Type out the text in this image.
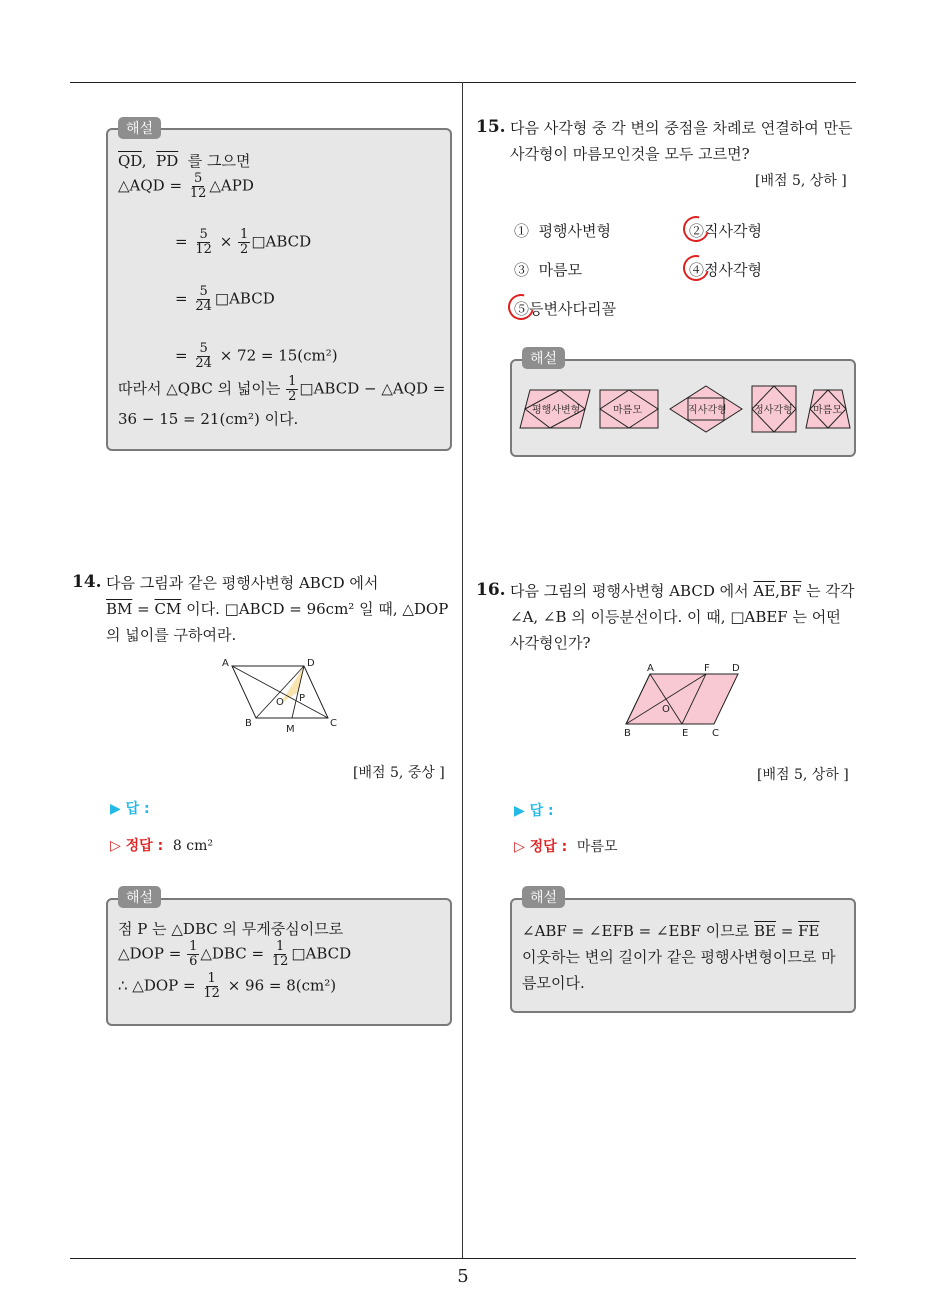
5
해설
$\overline{QD}$,  $\overline{PD}$ 를 그으면
△AQD = $\frac{5}{12}$ △APD
= $\frac{5}{12} \times \frac{1}{2}$ □ABCD
= $\frac{5}{24}$ □ABCD
= $\frac{5}{24} \times 72 = 15(cm^2)$
따라서 △QBC 의 넓이는 $\frac{1}{2}$ □ABCD − △AQD =
36 − 15 = 21(cm²) 이다.
14. 다음 그림과 같은 평행사변형 ABCD 에서
$\overline{BM} = \overline{CM}$ 이다. □ABCD = 96cm² 일 때, △DOP
의 넓이를 구하여라.
A	D
B	C
O P
M
[배점 5, 중상 ]
▶ 답 :
▷ 정답 : 8 cm²
해설
점 P 는 △DBC 의 무게중심이므로
△DOP = $\frac{1}{6}$ △DBC = $\frac{1}{12}$ □ABCD
∴ △DOP = $\frac{1}{12} \times 96 = 8(cm^2)$
15. 다음 사각형 중 각 변의 중점을 차례로 연결하여 만든
사각형이 마름모인것을 모두 고르면?
[배점 5, 상하 ]
① 평행사변형	②직사각형
③ 마름모	④정사각형
⑤등변사다리꼴
해설
평행사변형	마름모	직사각형	정사각형 마름모
16. 다음 그림의 평행사변형 ABCD 에서 $\overline{AE},\overline{BF}$ 는 각각
∠A, ∠B 의 이등분선이다. 이 때, □ABEF 는 어떤
사각형인가?
A	F D
B	E C
O
[배점 5, 상하 ]
▶ 답 :
▷ 정답 : 마름모
해설
∠ABF = ∠EFB = ∠EBF 이므로 $\overline{BE} = \overline{FE}$
이웃하는 변의 길이가 같은 평행사변형이므로 마
름모이다.
